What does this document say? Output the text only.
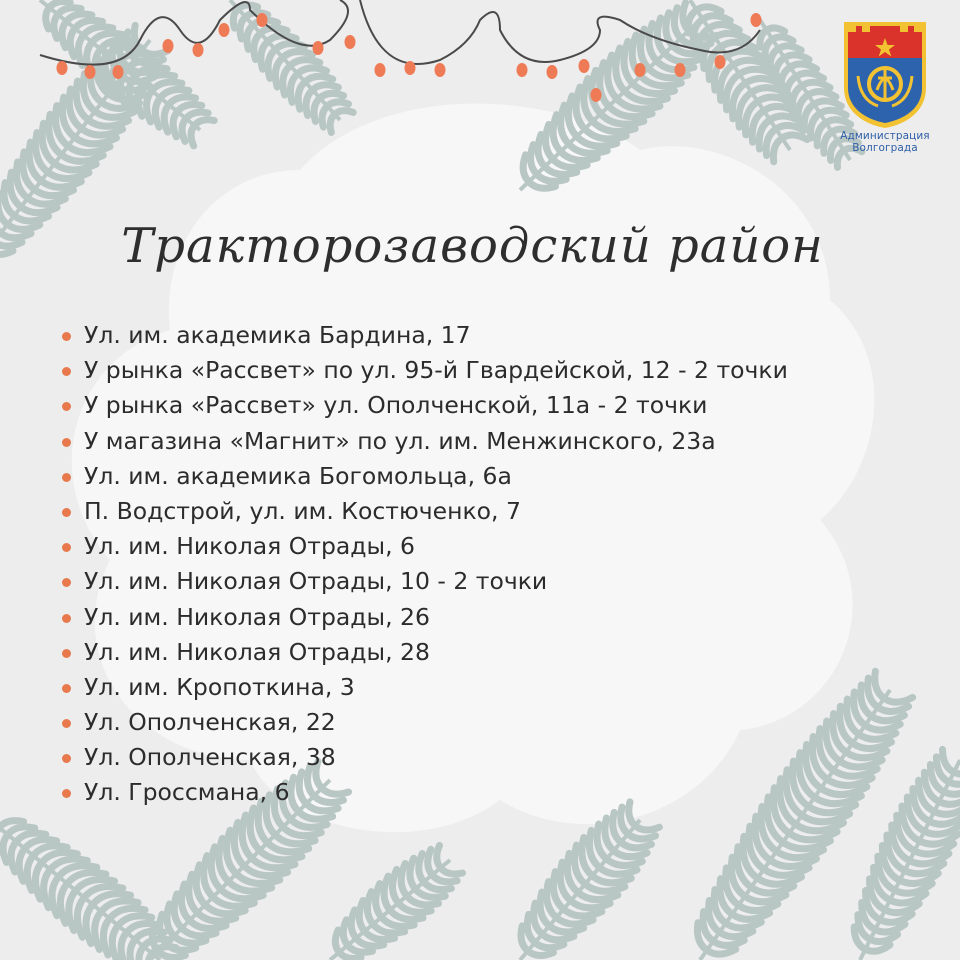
Администрация
Волгограда
Тракторозаводский район
Ул. им. академика Бардина, 17
У рынка «Рассвет» по ул. 95-й Гвардейской, 12 - 2 точки
У рынка «Рассвет» ул. Ополченской, 11а - 2 точки
У магазина «Магнит» по ул. им. Менжинского, 23а
Ул. им. академика Богомольца, 6а
П. Водстрой, ул. им. Костюченко, 7
Ул. им. Николая Отрады, 6
Ул. им. Николая Отрады, 10 - 2 точки
Ул. им. Николая Отрады, 26
Ул. им. Николая Отрады, 28
Ул. им. Кропоткина, 3
Ул. Ополченская, 22
Ул. Ополченская, 38
Ул. Гроссмана, 6
